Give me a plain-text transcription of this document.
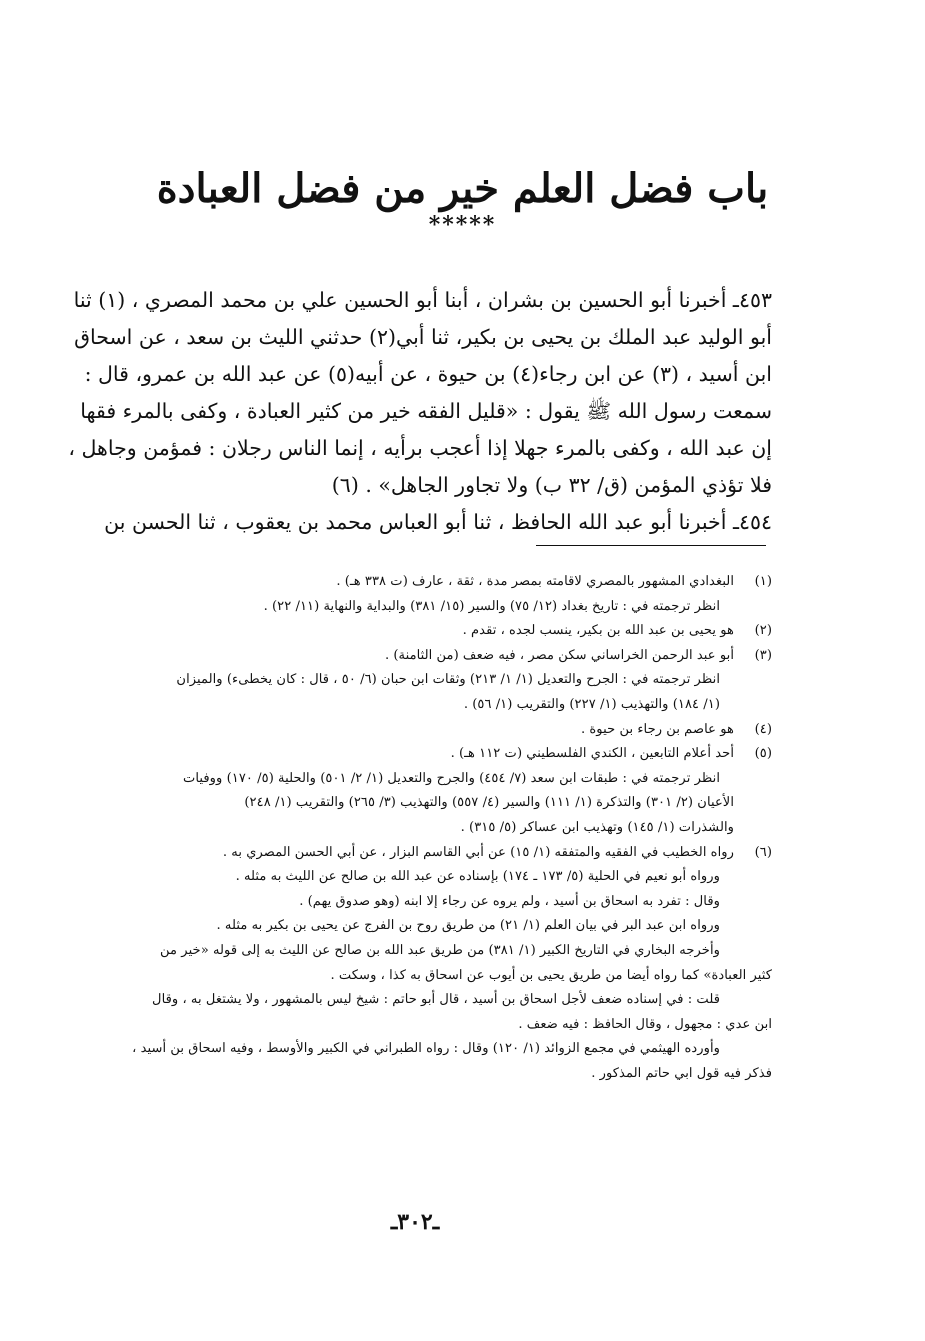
باب فضل العلم خير من فضل العبادة
*****
٤٥٣ـ أخبرنا أبو الحسين بن بشران ، أبنا أبو الحسين علي بن محمد المصري ، (١) ثنا
أبو الوليد عبد الملك بن يحيى بن بكير، ثنا أبي(٢) حدثني الليث بن سعد ، عن اسحاق
ابن أسيد ، (٣) عن ابن رجاء(٤) بن حيوة ، عن أبيه(٥) عن عبد الله بن عمرو، قال :
سمعت رسول الله ﷺ يقول : «قليل الفقه خير من كثير العبادة ، وكفى بالمرء فقها
إن عبد الله ، وكفى بالمرء جهلا إذا أعجب برأيه ، إنما الناس رجلان : فمؤمن وجاهل ،
فلا تؤذي المؤمن (ق/ ٣٢ ب) ولا تجاور الجاهل» . (٦)
٤٥٤ـ أخبرنا أبو عبد الله الحافظ ، ثنا أبو العباس محمد بن يعقوب ، ثنا الحسن بن
(١)
البغدادي المشهور بالمصري لاقامته بمصر مدة ، ثقة ، عارف (ت ٣٣٨ هـ) .
انظر ترجمته في : تاريخ بغداد (١٢/ ٧٥) والسير (١٥/ ٣٨١) والبداية والنهاية (١١/ ٢٢) .
(٢)
هو يحيى بن عبد الله بن بكير، ينسب لجده ، تقدم .
(٣)
أبو عبد الرحمن الخراساني سكن مصر ، فيه ضعف (من الثامنة) .
انظر ترجمته في : الجرح والتعديل (١/ ١/ ٢١٣) وثقات ابن حبان (٦/ ٥٠ ، قال : كان يخطىء) والميزان
(١/ ١٨٤) والتهذيب (١/ ٢٢٧) والتقريب (١/ ٥٦) .
(٤)
هو عاصم بن رجاء بن حيوة .
(٥)
أحد أعلام التابعين ، الكندي الفلسطيني (ت ١١٢ هـ) .
انظر ترجمته في : طبقات ابن سعد (٧/ ٤٥٤) والجرح والتعديل (١/ ٢/ ٥٠١) والحلية (٥/ ١٧٠) ووفيات
الأعيان (٢/ ٣٠١) والتذكرة (١/ ١١١) والسير (٤/ ٥٥٧) والتهذيب (٣/ ٢٦٥) والتقريب (١/ ٢٤٨)
والشذرات (١/ ١٤٥) وتهذيب ابن عساكر (٥/ ٣١٥) .
(٦)
رواه الخطيب في الفقيه والمتفقه (١/ ١٥) عن أبي القاسم البزار ، عن أبي الحسن المصري به .
ورواه أبو نعيم في الحلية (٥/ ١٧٣ ـ ١٧٤) بإسناده عن عبد الله بن صالح عن الليث به مثله .
وقال : تفرد به اسحاق بن أسيد ، ولم يروه عن رجاء إلا ابنه (وهو صدوق يهم) .
ورواه ابن عبد البر في بيان العلم (١/ ٢١) من طريق روح بن الفرج عن يحيى بن بكير به مثله .
وأخرجه البخاري في التاريخ الكبير (١/ ٣٨١) من طريق عبد الله بن صالح عن الليث به إلى قوله «خير من
كثير العبادة» كما رواه أيضا من طريق يحيى بن أيوب عن اسحاق به كذا ، وسكت .
قلت : في إسناده ضعف لأجل اسحاق بن أسيد ، قال أبو حاتم : شيخ ليس بالمشهور ، ولا يشتغل به ، وقال
ابن عدي : مجهول ، وقال الحافظ : فيه ضعف .
وأورده الهيثمي في مجمع الزوائد (١/ ١٢٠) وقال : رواه الطبراني في الكبير والأوسط ، وفيه اسحاق بن أسيد ،
فذكر فيه قول ابي حاتم المذكور .
ـ٣٠٢ـ
